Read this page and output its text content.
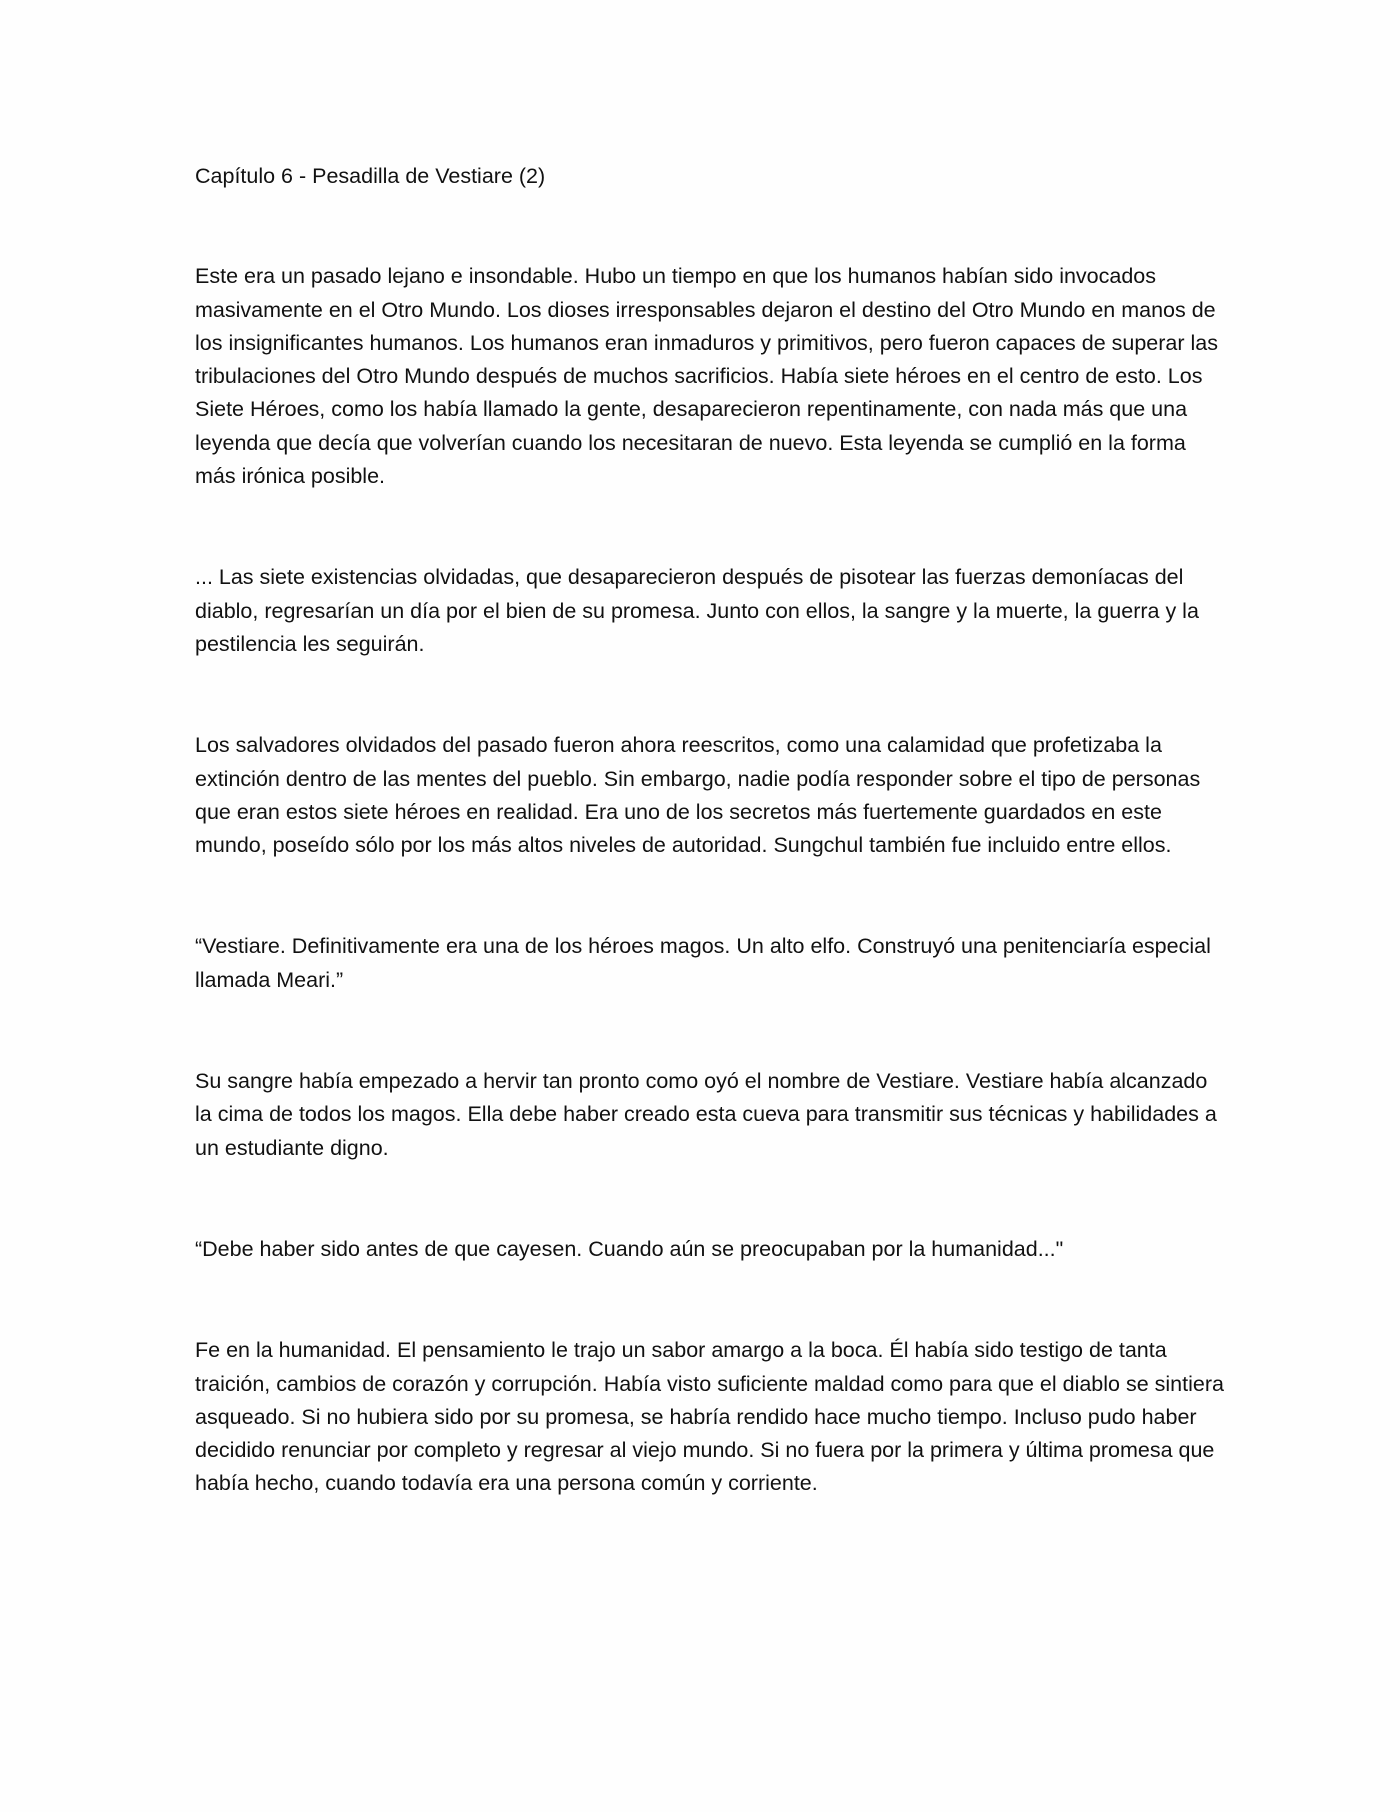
Capítulo 6 - Pesadilla de Vestiare (2)

Este era un pasado lejano e insondable. Hubo un tiempo en que los humanos habían sido invocados masivamente en el Otro Mundo. Los dioses irresponsables dejaron el destino del Otro Mundo en manos de los insignificantes humanos. Los humanos eran inmaduros y primitivos, pero fueron capaces de superar las tribulaciones del Otro Mundo después de muchos sacrificios. Había siete héroes en el centro de esto. Los Siete Héroes, como los había llamado la gente, desaparecieron repentinamente, con nada más que una leyenda que decía que volverían cuando los necesitaran de nuevo. Esta leyenda se cumplió en la forma más irónica posible.

... Las siete existencias olvidadas, que desaparecieron después de pisotear las fuerzas demoníacas del diablo, regresarían un día por el bien de su promesa. Junto con ellos, la sangre y la muerte, la guerra y la pestilencia les seguirán.

Los salvadores olvidados del pasado fueron ahora reescritos, como una calamidad que profetizaba la extinción dentro de las mentes del pueblo. Sin embargo, nadie podía responder sobre el tipo de personas que eran estos siete héroes en realidad. Era uno de los secretos más fuertemente guardados en este mundo, poseído sólo por los más altos niveles de autoridad. Sungchul también fue incluido entre ellos.

“Vestiare. Definitivamente era una de los héroes magos. Un alto elfo. Construyó una penitenciaría especial llamada Meari.”

Su sangre había empezado a hervir tan pronto como oyó el nombre de Vestiare. Vestiare había alcanzado la cima de todos los magos. Ella debe haber creado esta cueva para transmitir sus técnicas y habilidades a un estudiante digno.

“Debe haber sido antes de que cayesen. Cuando aún se preocupaban por la humanidad..."

Fe en la humanidad. El pensamiento le trajo un sabor amargo a la boca. Él había sido testigo de tanta traición, cambios de corazón y corrupción. Había visto suficiente maldad como para que el diablo se sintiera asqueado. Si no hubiera sido por su promesa, se habría rendido hace mucho tiempo. Incluso pudo haber decidido renunciar por completo y regresar al viejo mundo. Si no fuera por la primera y última promesa que había hecho, cuando todavía era una persona común y corriente.
